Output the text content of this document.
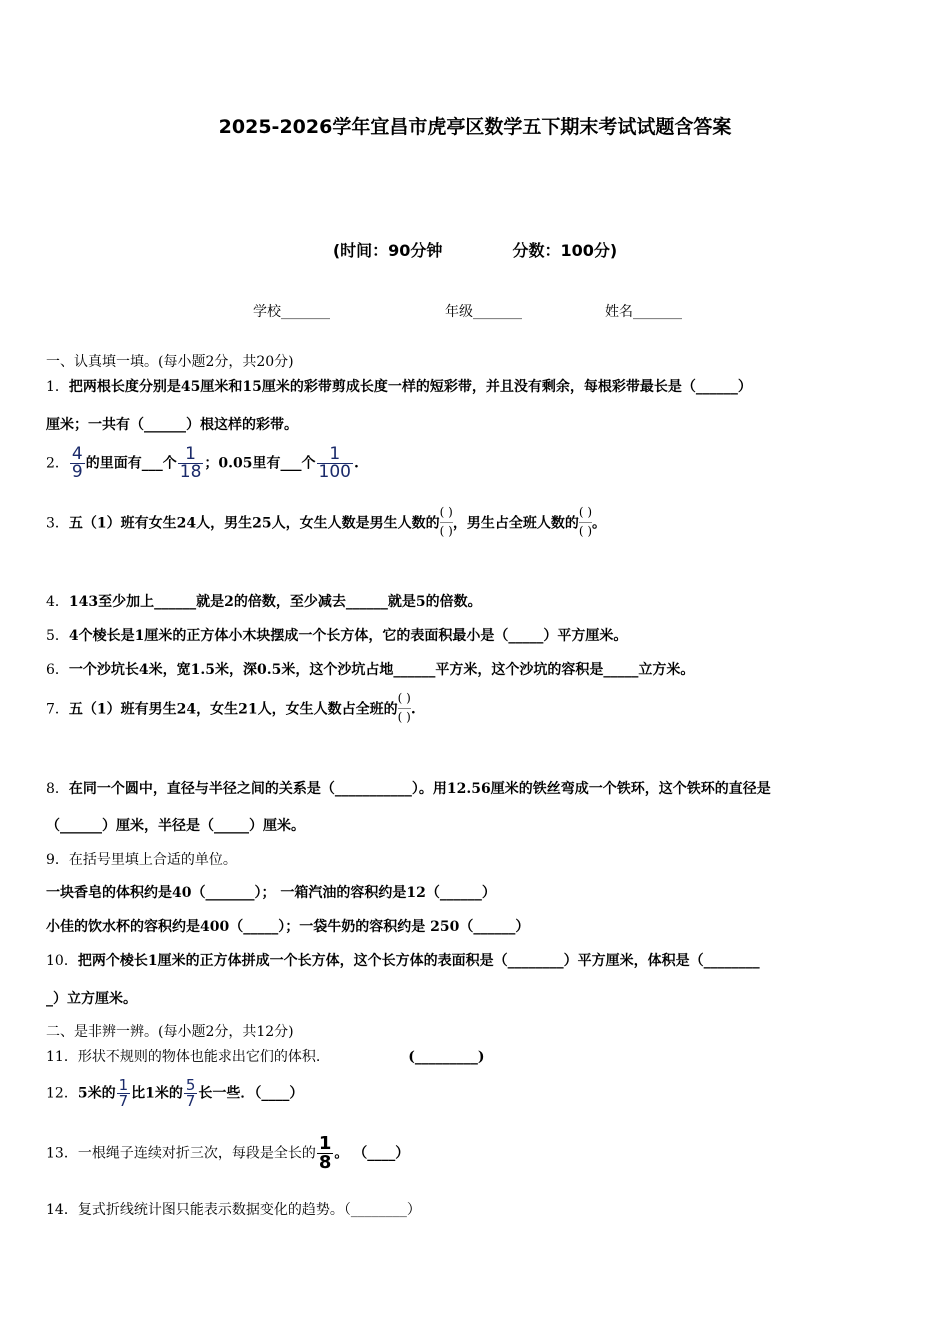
2025-2026学年宜昌市虎亭区数学五下期末考试试题含答案
(时间：90分钟	分数：100分)
学校_______	年级_______	姓名_______
一、认真填一填。(每小题2分，共20分)
1．把两根长度分别是45厘米和15厘米的彩带剪成长度一样的短彩带，并且没有剩余，每根彩带最长是（______）
厘米；一共有（______）根这样的彩带。
2． $\frac{4}{9}$ 的里面有___个 $\frac{1}{18}$ ；0.05里有___个 $\frac{1}{100}$ .
3．五（1）班有女生24人，男生25人，女生人数是男生人数的
( )
( ) ，男生占全班人数的
( )
( ) 。
4．143至少加上______就是2的倍数，至少减去______就是5的倍数。
5．4个棱长是1厘米的正方体小木块摆成一个长方体，它的表面积最小是（_____）平方厘米。
6．一个沙坑长4米，宽1.5米，深0.5米，这个沙坑占地______平方米，这个沙坑的容积是_____立方米。
7．五（1）班有男生24，女生21人，女生人数占全班的
( )
( ) .
8．在同一个圆中，直径与半径之间的关系是（___________）。用12.56厘米的铁丝弯成一个铁环，这个铁环的直径是
（______）厘米，半径是（_____）厘米。
9．在括号里填上合适的单位。
一块香皂的体积约是40（_______）； 一箱汽油的容积约是12（______）
小佳的饮水杯的容积约是400（_____）；一袋牛奶的容积约是 250（______）
10．把两个棱长1厘米的正方体拼成一个长方体，这个长方体的表面积是（________）平方厘米，体积是（________
_）立方厘米。
二、是非辨一辨。(每小题2分，共12分)
11．形状不规则的物体也能求出它们的体积.	(_________)
12．5米的 $\frac{1}{7}$ 比1米的 $\frac{5}{7}$ 长一些．（____）
13．一根绳子连续对折三次，每段是全长的 $\frac{1}{8}$ 。 （____）
14．复式折线统计图只能表示数据变化的趋势。（________）
